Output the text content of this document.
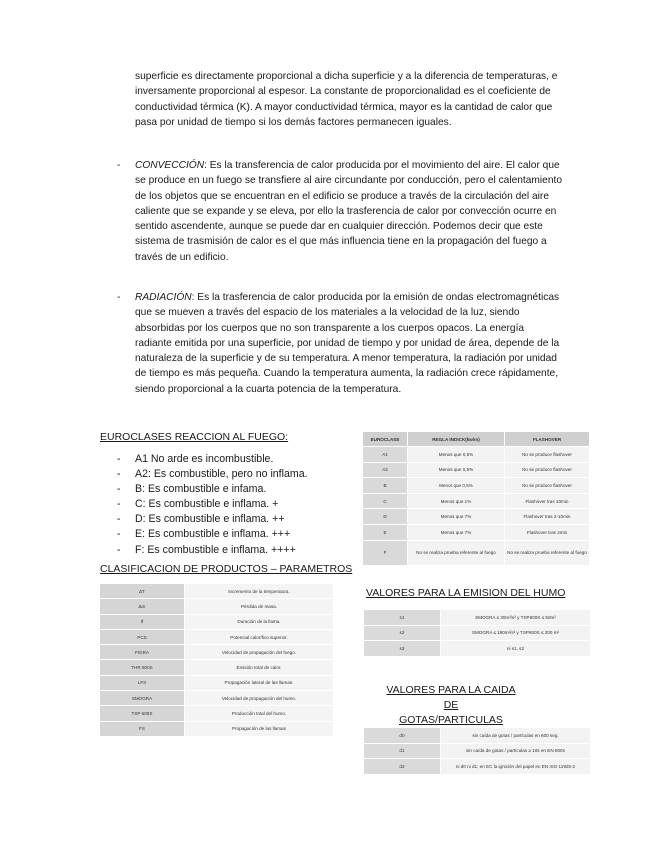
superficie es directamente proporcional a dicha superficie y a la diferencia de temperaturas, e inversamente proporcional al espesor. La constante de proporcionalidad es el coeficiente de conductividad térmica (K). A mayor conductividad térmica, mayor es la cantidad de calor que pasa por unidad de tiempo si los demás factores permanecen iguales.

- CONVECCIÓN: Es la transferencia de calor producida por el movimiento del aire. El calor que se produce en un fuego se transfiere al aire circundante por conducción, pero el calentamiento de los objetos que se encuentran en el edificio se produce a través de la circulación del aire caliente que se expande y se eleva, por ello la trasferencia de calor por convección ocurre en sentido ascendente, aunque se puede dar en cualquier dirección. Podemos decir que este sistema de trasmisión de calor es el que más influencia tiene en la propagación del fuego a través de un edificio.

- RADIACIÓN: Es la trasferencia de calor producida por la emisión de ondas electromagnéticas que se mueven a través del espacio de los materiales a la velocidad de la luz, siendo absorbidas por los cuerpos que no son transparente a los cuerpos opacos. La energía radiante emitida por una superficie, por unidad de tiempo y por unidad de área, depende de la naturaleza de la superficie y de su temperatura. A menor temperatura, la radiación por unidad de tiempo es más pequeña. Cuando la temperatura aumenta, la radiación crece rápidamente, siendo proporcional a la cuarta potencia de la temperatura.

EUROCLASES REACCION AL FUEGO:

- A1 No arde es incombustible.
- A2: Es combustible, pero no inflama.
- B: Es combustible e infama.
- C: Es combustible e inflama. +
- D: Es combustible e inflama. ++
- E: Es combustible e inflama. +++
- F: Es combustible e inflama. ++++
EUROCLASE	REGLA INDICK(kw/m)	FLASHOVER
A1	Menos que 0,5%	No se produce flashover
A2	Menos que 0,5%	No se produce flashover
B	Menor que 0,5%	No se produce flashover
C	Menos que 1%	Flashover tras 10min
D	Menos que 7%	Flashover tras 2-10min
E	Menos que 7%	Flashover tras 2min
F	No se realiza prueba referente al fuego	No se realiza prueba referente al fuego

CLASIFICACION DE PRODUCTOS – PARAMETROS

∆T	Incremento de la temperatura.
∆m	Pérdida de masa.
tf	Duración de la llama.
PCS	Potencial calorífico superior.
FIGRA	Velocidad de propagación del fuego.
THR 600S	Emisión total de calor.
LFS	Propagación lateral de las llamas.
SMOGRA	Velocidad de propagación del humo.
TSP 600S	Producción total del humo.
FS	Propagación de las llamas

VALORES PARA LA EMISION DEL HUMO

s1	SMOGRA ≤ 30m²/s² y TSP600S ≤ 50m²
s2	SMOGRA ≤ 180m²/s² y TSP600S ≤ 200 m²
s3	ni s1, s2

VALORES PARA LA CAIDA DE
GOTAS/PARTICULAS

d0	sin caída de gotas / partículas en 600 seg.
d1	sin caída de gotas / partículas ≥ 10s en EN 600s
d2	ni d0 ni d1; en EC la ignición del papel en EN ISO 11925-2
